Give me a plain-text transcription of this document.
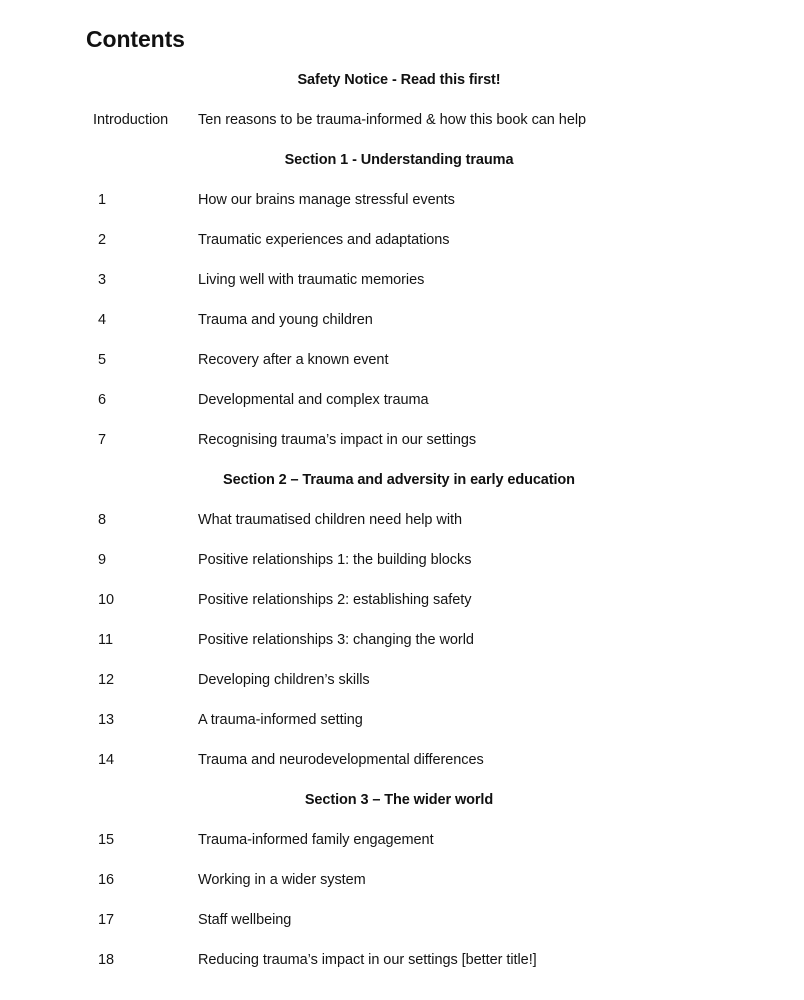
Contents
Safety Notice - Read this first!
Introduction Ten reasons to be trauma-informed & how this book can help
Section 1 - Understanding trauma
1	How our brains manage stressful events
2	Traumatic experiences and adaptations
3	Living well with traumatic memories
4	Trauma and young children
5	Recovery after a known event
6	Developmental and complex trauma
7	Recognising trauma’s impact in our settings
Section 2 – Trauma and adversity in early education
8	What traumatised children need help with
9	Positive relationships 1: the building blocks
10	Positive relationships 2: establishing safety
11	Positive relationships 3: changing the world
12	Developing children’s skills
13	A trauma-informed setting
14	Trauma and neurodevelopmental differences
Section 3 – The wider world
15	Trauma-informed family engagement
16	Working in a wider system
17	Staff wellbeing
18	Reducing trauma’s impact in our settings [better title!]
